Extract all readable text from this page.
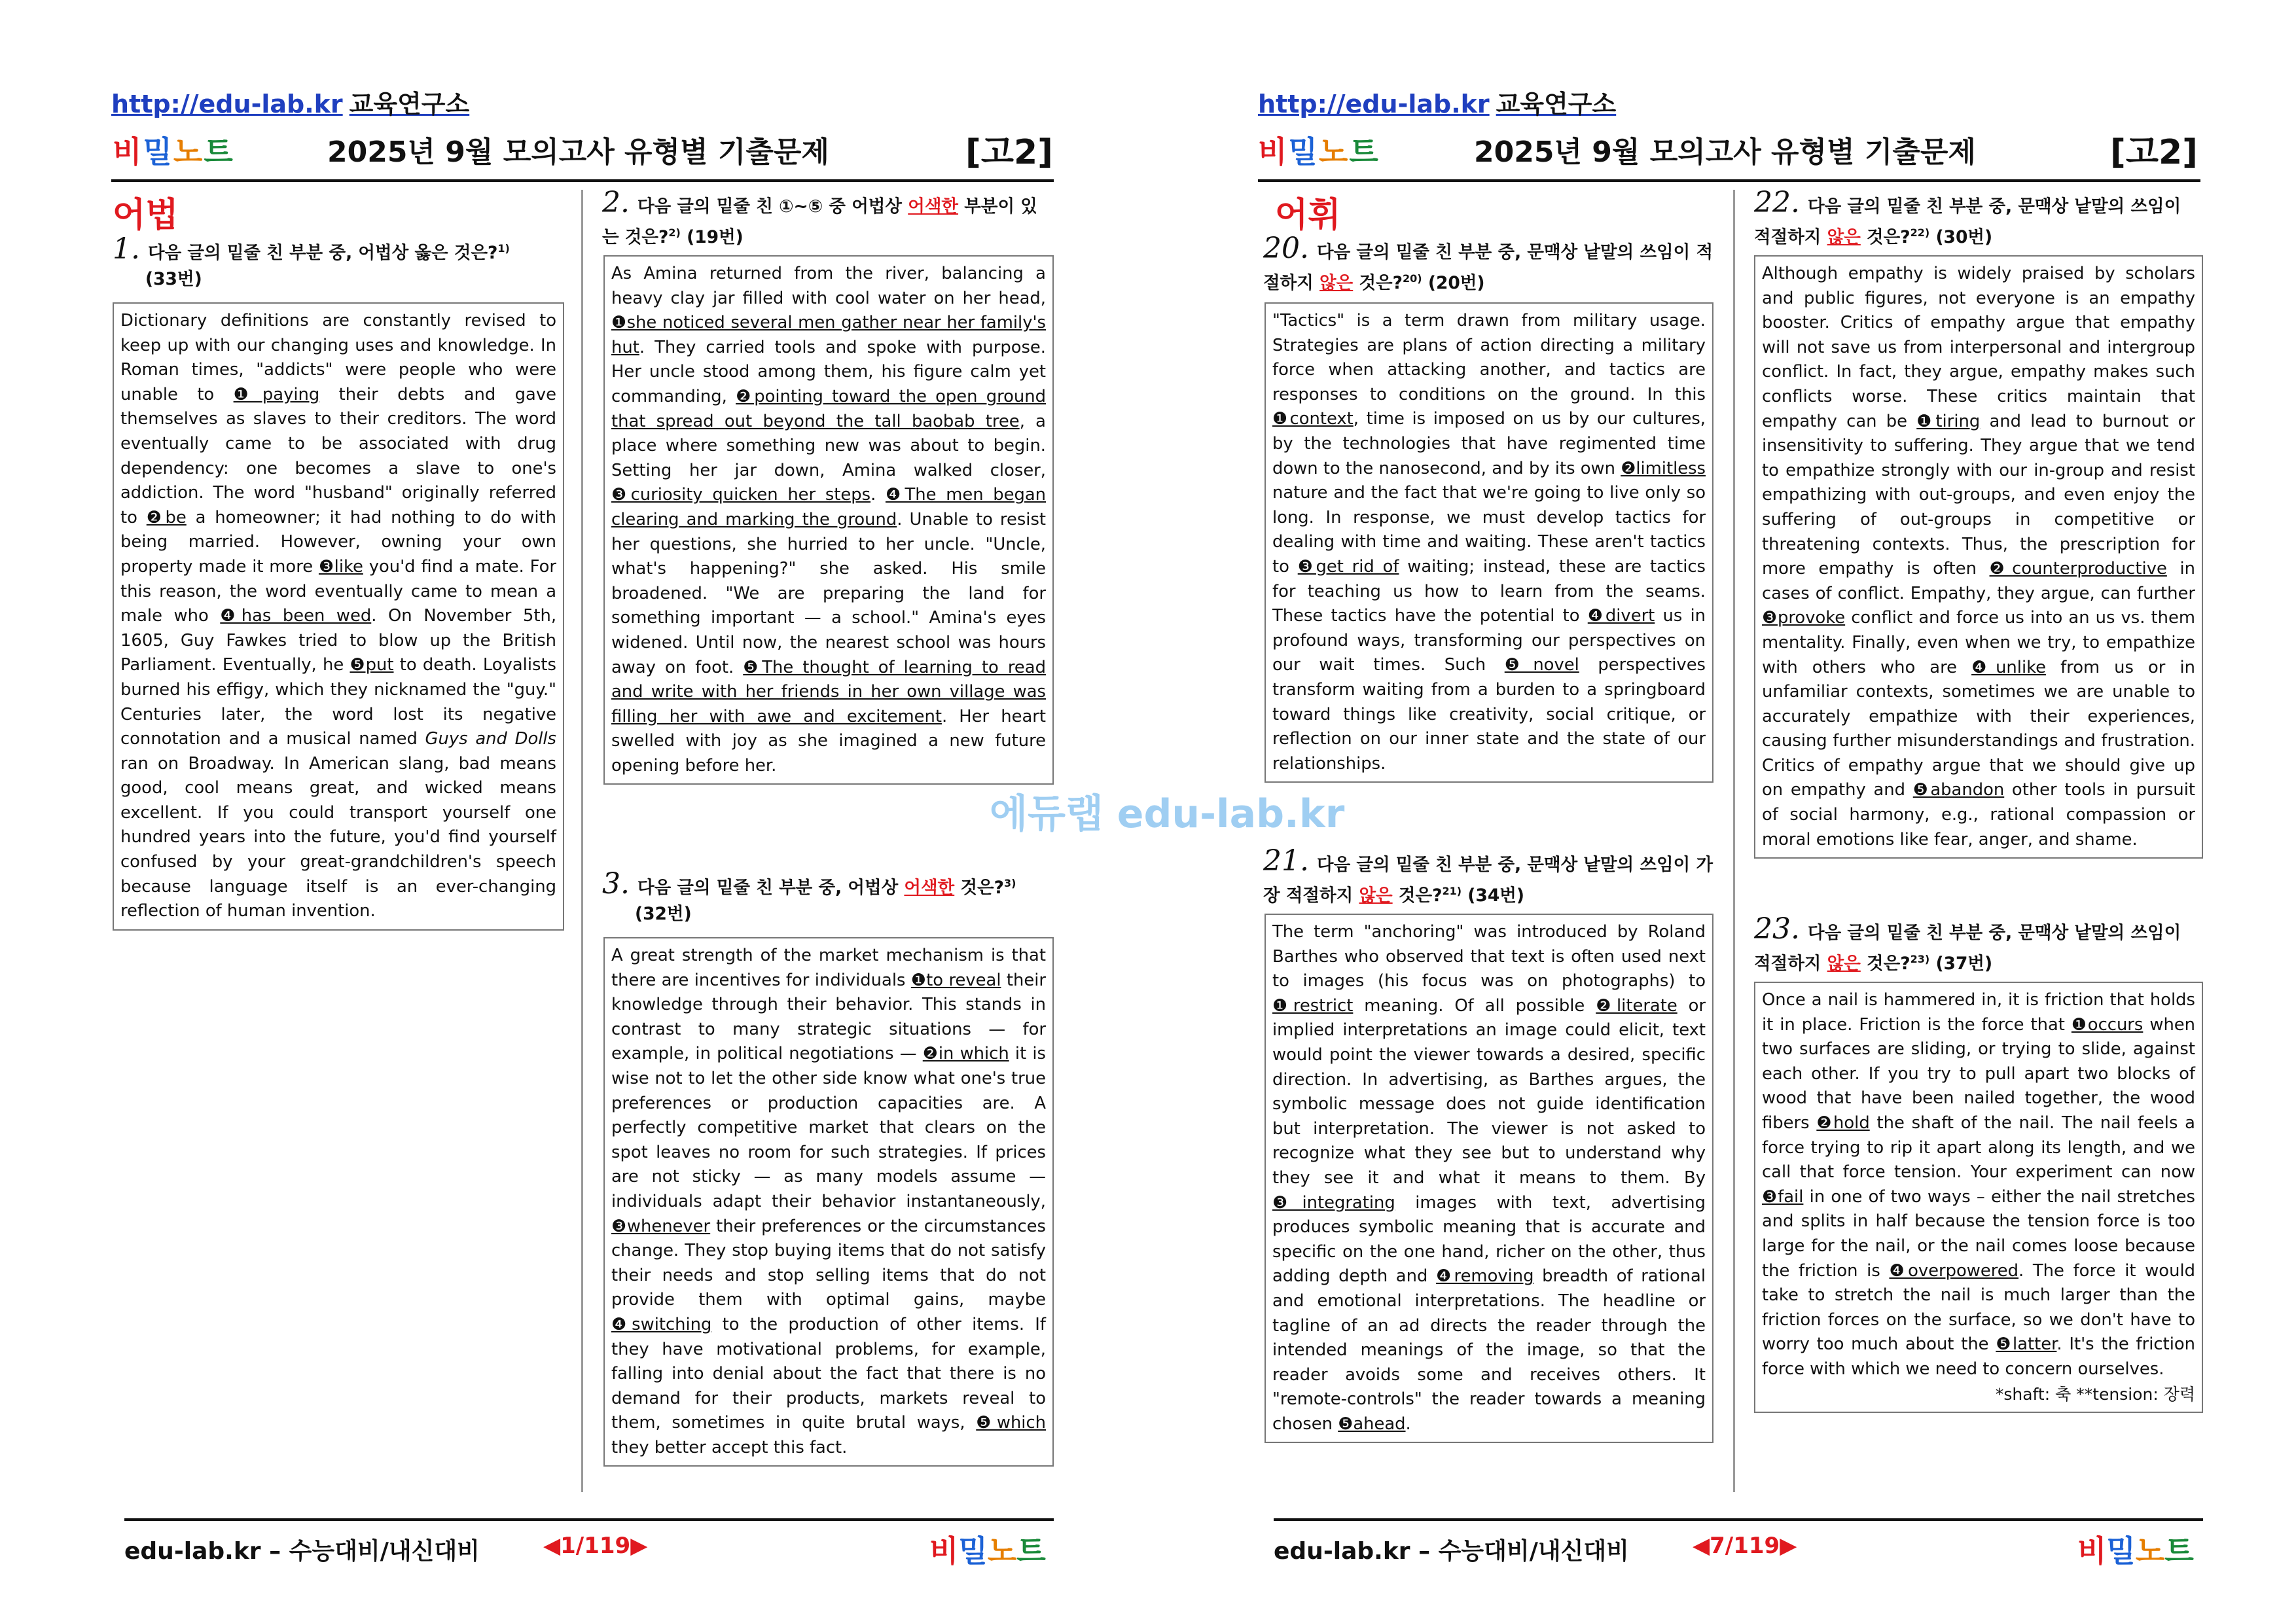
http://edu-lab.kr 교육연구소
비밀노트	2025년 9월 모의고사 유형별 기출문제	[고2]
어법
1. 다음 글의 밑줄 친 부분 중, 어법상 옳은 것은?$^{1)}$
(33번)
Dictionary definitions are constantly revised to keep up with our changing uses and knowledge. In Roman times, "addicts" were people who were unable to ❶paying their debts and gave themselves as slaves to their creditors. The word eventually came to be associated with drug dependency: one becomes a slave to one's addiction. The word "husband" originally referred to ❷be a homeowner; it had nothing to do with being married. However, owning your own property made it more ❸like you'd find a mate. For this reason, the word eventually came to mean a male who ❹has been wed. On November 5th, 1605, Guy Fawkes tried to blow up the British Parliament. Eventually, he ❺put to death. Loyalists burned his effigy, which they nicknamed the "guy." Centuries later, the word lost its negative connotation and a musical named Guys and Dolls ran on Broadway. In American slang, bad means good, cool means great, and wicked means excellent. If you could transport yourself one hundred years into the future, you'd find yourself confused by your great-grandchildren's speech because language itself is an ever-changing reflection of human invention.
2. 다음 글의 밑줄 친 ①~⑤ 중 어법상 어색한 부분이 있는 것은?$^{2)}$ (19번)
As Amina returned from the river, balancing a heavy clay jar filled with cool water on her head, ❶she noticed several men gather near her family's hut. They carried tools and spoke with purpose. Her uncle stood among them, his figure calm yet commanding, ❷pointing toward the open ground that spread out beyond the tall baobab tree, a place where something new was about to begin. Setting her jar down, Amina walked closer, ❸curiosity quicken her steps. ❹The men began clearing and marking the ground. Unable to resist her questions, she hurried to her uncle. "Uncle, what's happening?" she asked. His smile broadened. "We are preparing the land for something important — a school." Amina's eyes widened. Until now, the nearest school was hours away on foot. ❺The thought of learning to read and write with her friends in her own village was filling her with awe and excitement. Her heart swelled with joy as she imagined a new future opening before her.
3. 다음 글의 밑줄 친 부분 중, 어법상 어색한 것은?$^{3)}$
(32번)
A great strength of the market mechanism is that there are incentives for individuals ❶to reveal their knowledge through their behavior. This stands in contrast to many strategic situations — for example, in political negotiations — ❷in which it is wise not to let the other side know what one's true preferences or production capacities are. A perfectly competitive market that clears on the spot leaves no room for such strategies. If prices are not sticky — as many models assume — individuals adapt their behavior instantaneously, ❸whenever their preferences or the circumstances change. They stop buying items that do not satisfy their needs and stop selling items that do not provide them with optimal gains, maybe ❹switching to the production of other items. If they have motivational problems, for example, falling into denial about the fact that there is no demand for their products, markets reveal to them, sometimes in quite brutal ways, ❺which they better accept this fact.
edu-lab.kr – 수능대비/내신대비	◀1/119▶	비밀노트
http://edu-lab.kr 교육연구소
비밀노트	2025년 9월 모의고사 유형별 기출문제	[고2]
어휘
20. 다음 글의 밑줄 친 부분 중, 문맥상 낱말의 쓰임이 적절하지 않은 것은?$^{20)}$ (20번)
"Tactics" is a term drawn from military usage. Strategies are plans of action directing a military force when attacking another, and tactics are responses to conditions on the ground. In this ❶context, time is imposed on us by our cultures, by the technologies that have regimented time down to the nanosecond, and by its own ❷limitless nature and the fact that we're going to live only so long. In response, we must develop tactics for dealing with time and waiting. These aren't tactics to ❸get rid of waiting; instead, these are tactics for teaching us how to learn from the seams. These tactics have the potential to ❹divert us in profound ways, transforming our perspectives on our wait times. Such ❺novel perspectives transform waiting from a burden to a springboard toward things like creativity, social critique, or reflection on our inner state and the state of our relationships.
21. 다음 글의 밑줄 친 부분 중, 문맥상 낱말의 쓰임이 가장 적절하지 않은 것은?$^{21)}$ (34번)
The term "anchoring" was introduced by Roland Barthes who observed that text is often used next to images (his focus was on photographs) to ❶restrict meaning. Of all possible ❷literate or implied interpretations an image could elicit, text would point the viewer towards a desired, specific direction. In advertising, as Barthes argues, the symbolic message does not guide identification but interpretation. The viewer is not asked to recognize what they see but to understand why they see it and what it means to them. By ❸integrating images with text, advertising produces symbolic meaning that is accurate and specific on the one hand, richer on the other, thus adding depth and ❹removing breadth of rational and emotional interpretations. The headline or tagline of an ad directs the reader through the intended meanings of the image, so that the reader avoids some and receives others. It "remote-controls" the reader towards a meaning chosen ❺ahead.
22. 다음 글의 밑줄 친 부분 중, 문맥상 낱말의 쓰임이 적절하지 않은 것은?$^{22)}$ (30번)
Although empathy is widely praised by scholars and public figures, not everyone is an empathy booster. Critics of empathy argue that empathy will not save us from interpersonal and intergroup conflict. In fact, they argue, empathy makes such conflicts worse. These critics maintain that empathy can be ❶tiring and lead to burnout or insensitivity to suffering. They argue that we tend to empathize strongly with our in-group and resist empathizing with out-groups, and even enjoy the suffering of out-groups in competitive or threatening contexts. Thus, the prescription for more empathy is often ❷counterproductive in cases of conflict. Empathy, they argue, can further ❸provoke conflict and force us into an us vs. them mentality. Finally, even when we try, to empathize with others who are ❹unlike from us or in unfamiliar contexts, sometimes we are unable to accurately empathize with their experiences, causing further misunderstandings and frustration. Critics of empathy argue that we should give up on empathy and ❺abandon other tools in pursuit of social harmony, e.g., rational compassion or moral emotions like fear, anger, and shame.
23. 다음 글의 밑줄 친 부분 중, 문맥상 낱말의 쓰임이 적절하지 않은 것은?$^{23)}$ (37번)
Once a nail is hammered in, it is friction that holds it in place. Friction is the force that ❶occurs when two surfaces are sliding, or trying to slide, against each other. If you try to pull apart two blocks of wood that have been nailed together, the wood fibers ❷hold the shaft of the nail. The nail feels a force trying to rip it apart along its length, and we call that force tension. Your experiment can now ❸fail in one of two ways – either the nail stretches and splits in half because the tension force is too large for the nail, or the nail comes loose because the friction is ❹overpowered. The force it would take to stretch the nail is much larger than the friction forces on the surface, so we don't have to worry too much about the ❺latter. It's the friction force with which we need to concern ourselves.
*shaft: 축 **tension: 장력
edu-lab.kr – 수능대비/내신대비	◀7/119▶	비밀노트
에듀랩 edu-lab.kr
